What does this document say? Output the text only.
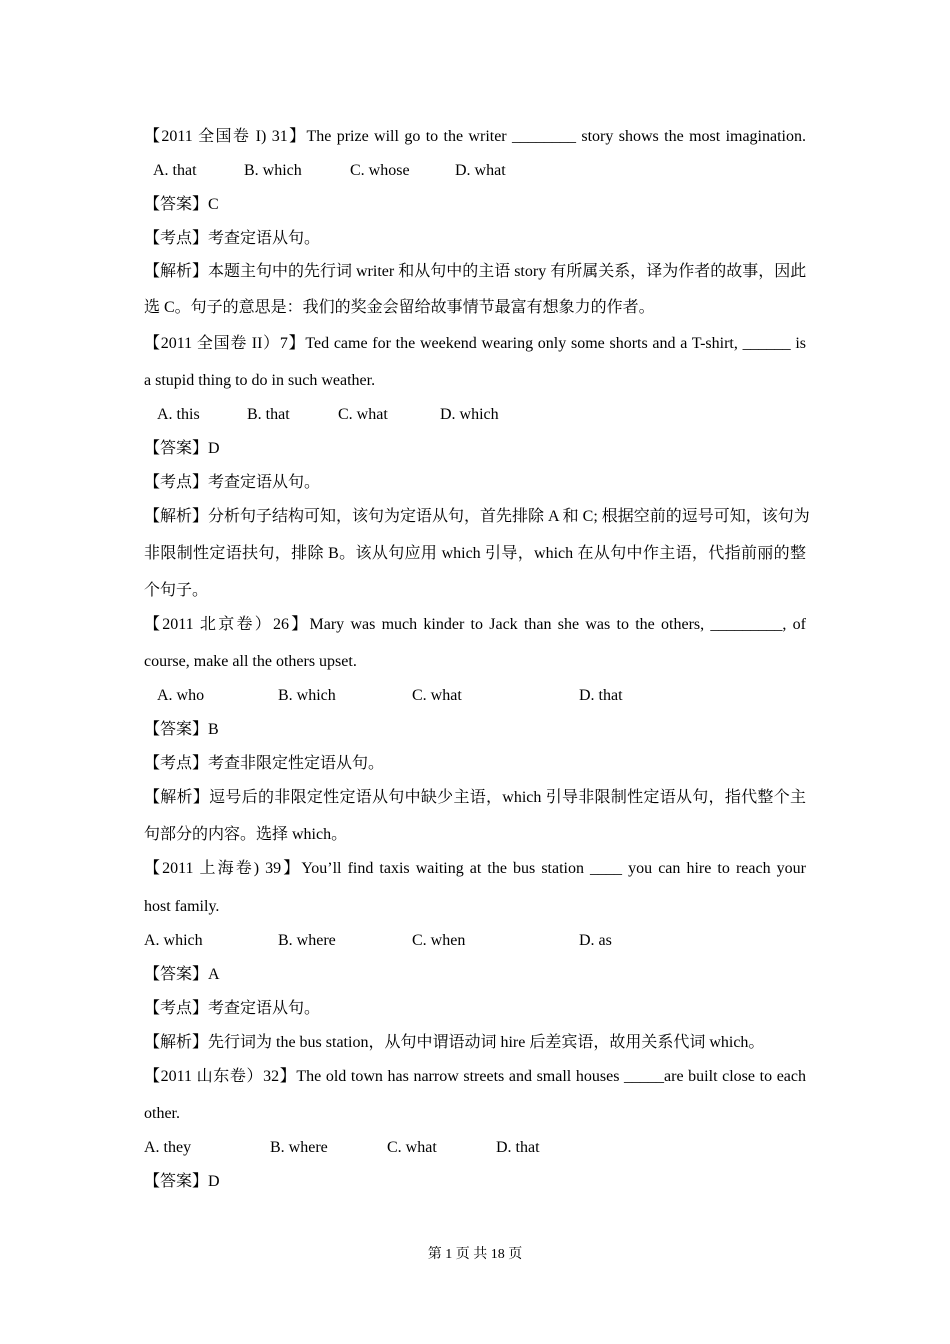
【2011 全国卷 I) 31】The prize will go to the writer ________ story shows the most imagination.
A. that	B. which	C. whose	D. what
【答案】C
【考点】考查定语从句。
【解析】本题主句中的先行词 writer 和从句中的主语 story 有所属关系，译为作者的故事，因此
选 C。句子的意思是：我们的奖金会留给故事情节最富有想象力的作者。
【2011 全国卷 II）7】Ted came for the weekend wearing only some shorts and a T-shirt, ______ is
a stupid thing to do in such weather.
A. this	B. that	C. what	D. which
【答案】D
【考点】考查定语从句。
【解析】分析句子结构可知，该句为定语从句，首先排除 A 和 C; 根据空前的逗号可知，该句为
非限制性定语扶句，排除 B。该从句应用 which 引导，which 在从句中作主语，代指前丽的整
个句子。
【2011 北京卷）26】Mary was much kinder to Jack than she was to the others, _________, of
course, make all the others upset.
A. who	B. which	C. what	D. that
【答案】B
【考点】考查非限定性定语从句。
【解析】逗号后的非限定性定语从句中缺少主语，which 引导非限制性定语从句，指代整个主
句部分的内容。选择 which。
【2011 上海卷) 39】You’ll find taxis waiting at the bus station ____ you can hire to reach your
host family.
A. which	B. where	C. when	D. as
【答案】A
【考点】考查定语从句。
【解析】先行词为 the bus station，从句中谓语动词 hire 后差宾语，故用关系代词 which。
【2011 山东卷）32】The old town has narrow streets and small houses _____are built close to each
other.
A. they	B. where	C. what	D. that
【答案】D
第 1 页 共 18 页
